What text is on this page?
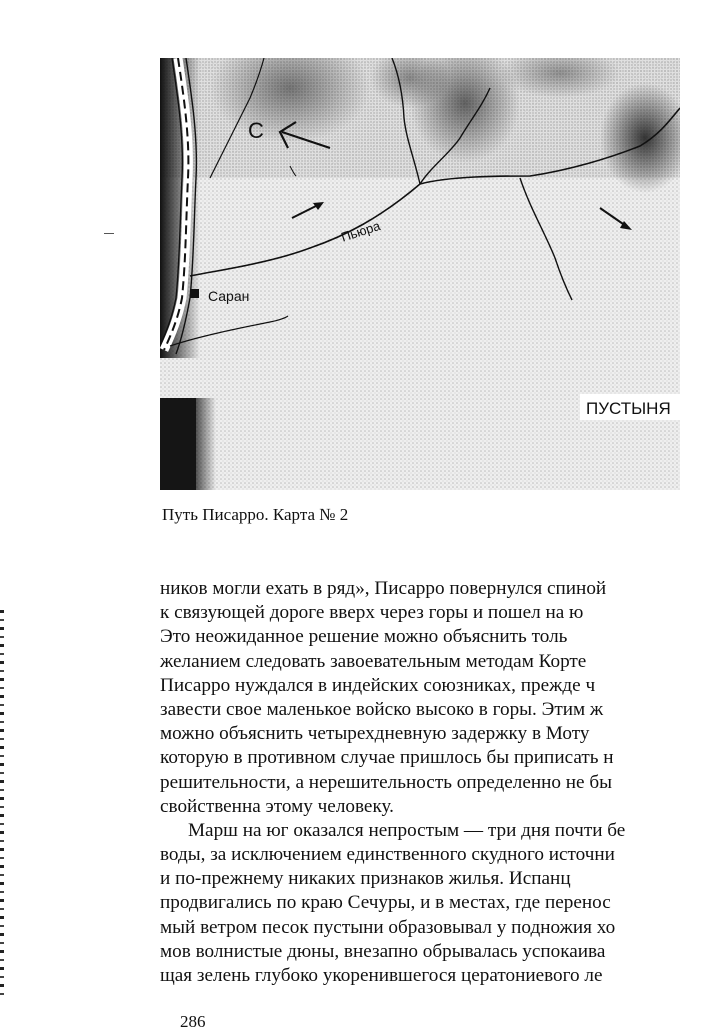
С
Пьюра
Саран
ПУСТЫНЯ
Путь Писарро. Карта № 2
ников могли ехать в ряд», Писарро повернулся спиной
к связующей дороге вверх через горы и пошел на ю
Это неожиданное решение можно объяснить толь
желанием следовать завоевательным методам Корте
Писарро нуждался в индейских союзниках, прежде ч
завести свое маленькое войско высоко в горы. Этим ж
можно объяснить четырехдневную задержку в Моту
которую в противном случае пришлось бы приписать н
решительности, а нерешительность определенно не бы
свойственна этому человеку.
Марш на юг оказался непростым — три дня почти бе
воды, за исключением единственного скудного источни
и по-прежнему никаких признаков жилья. Испанц
продвигались по краю Сечуры, и в местах, где перенос
мый ветром песок пустыни образовывал у подножия хо
мов волнистые дюны, внезапно обрывалась успокаива
щая зелень глубоко укоренившегося цератониевого ле
286
